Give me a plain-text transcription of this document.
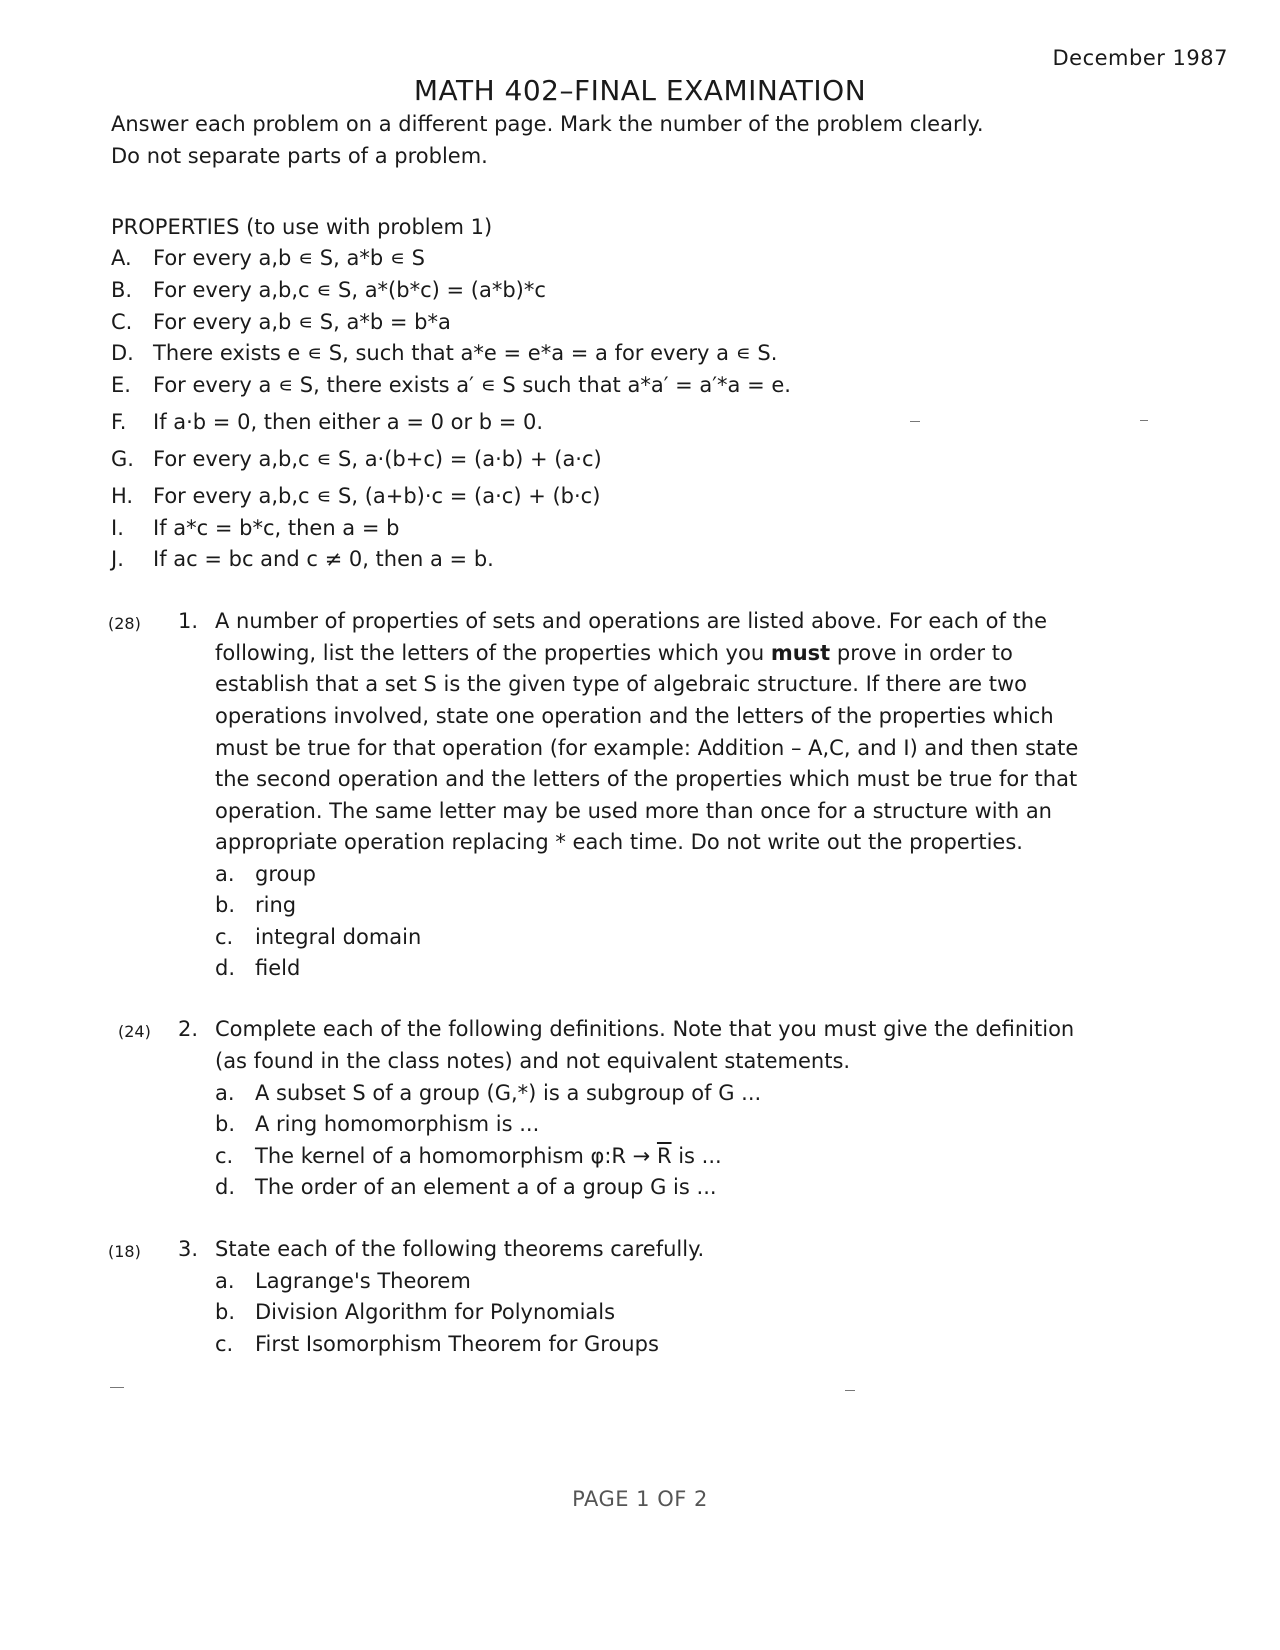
December 1987
MATH 402–FINAL EXAMINATION
Answer each problem on a different page. Mark the number of the problem clearly.
Do not separate parts of a problem.
PROPERTIES (to use with problem 1)
A.	For every a,b ∊ S, a*b ∊ S
B. For every a,b,c ∊ S, a*(b*c) = (a*b)*c
C. For every a,b ∊ S, a*b = b*a
D. There exists e ∊ S, such that a*e = e*a = a for every a ∊ S.
E.	For every a ∊ S, there exists a′ ∊ S such that a*a′ = a′*a = e.
F.	If a·b = 0, then either a = 0 or b = 0.
G. For every a,b,c ∊ S, a·(b+c) = (a·b) + (a·c)
H. For every a,b,c ∊ S, (a+b)·c = (a·c) + (b·c)
I.	If a*c = b*c, then a = b
J.	If ac = bc and c ≠ 0, then a = b.
(28) 1. A number of properties of sets and operations are listed above. For each of the
following, list the letters of the properties which you must prove in order to
establish that a set S is the given type of algebraic structure. If there are two
operations involved, state one operation and the letters of the properties which
must be true for that operation (for example: Addition – A,C, and I) and then state
the second operation and the letters of the properties which must be true for that
operation. The same letter may be used more than once for a structure with an
appropriate operation replacing * each time. Do not write out the properties.
a. group
b. ring
c.	integral domain
d. field
(24) 2. Complete each of the following definitions. Note that you must give the definition
(as found in the class notes) and not equivalent statements.
a. A subset S of a group (G,*) is a subgroup of G ...
b. A ring homomorphism is ...
c.	The kernel of a homomorphism φ:R → $\overline{R}$ is ...
d. The order of an element a of a group G is ...
(18) 3. State each of the following theorems carefully.
a. Lagrange's Theorem
b. Division Algorithm for Polynomials
c.	First Isomorphism Theorem for Groups
PAGE 1 OF 2
